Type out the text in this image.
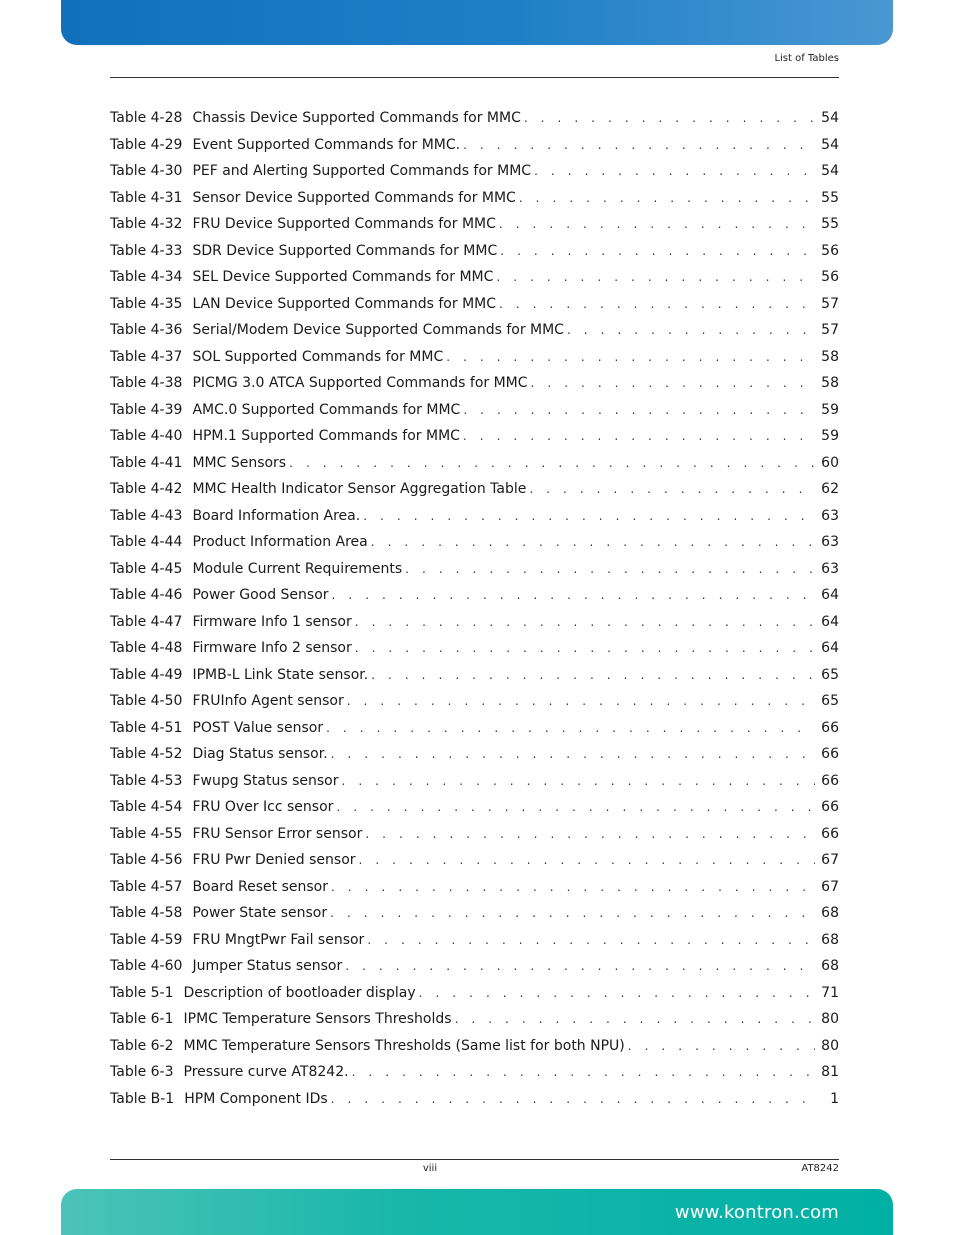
List of Tables
Table 4-28 Chassis Device Supported Commands for MMC . . .	54
Table 4-29 Event Supported Commands for MMC. . . .	54
Table 4-30 PEF and Alerting Supported Commands for MMC . . .	54
Table 4-31 Sensor Device Supported Commands for MMC . . .	55
Table 4-32 FRU Device Supported Commands for MMC . . .	55
Table 4-33 SDR Device Supported Commands for MMC . . .	56
Table 4-34 SEL Device Supported Commands for MMC . . .	56
Table 4-35 LAN Device Supported Commands for MMC . . .	57
Table 4-36 Serial/Modem Device Supported Commands for MMC . . .	57
Table 4-37 SOL Supported Commands for MMC . . .	58
Table 4-38 PICMG 3.0 ATCA Supported Commands for MMC . . .	58
Table 4-39 AMC.0 Supported Commands for MMC . . .	59
Table 4-40 HPM.1 Supported Commands for MMC . . .	59
Table 4-41 MMC Sensors . . .	60
Table 4-42 MMC Health Indicator Sensor Aggregation Table . . .	62
Table 4-43 Board Information Area. . . .	63
Table 4-44 Product Information Area . . .	63
Table 4-45 Module Current Requirements . . .	63
Table 4-46 Power Good Sensor . . .	64
Table 4-47 Firmware Info 1 sensor . . .	64
Table 4-48 Firmware Info 2 sensor . . .	64
Table 4-49 IPMB-L Link State sensor. . . .	65
Table 4-50 FRUInfo Agent sensor . . .	65
Table 4-51 POST Value sensor . . .	66
Table 4-52 Diag Status sensor. . . .	66
Table 4-53 Fwupg Status sensor . . .	66
Table 4-54 FRU Over Icc sensor . . .	66
Table 4-55 FRU Sensor Error sensor . . .	66
Table 4-56 FRU Pwr Denied sensor . . .	67
Table 4-57 Board Reset sensor . . .	67
Table 4-58 Power State sensor . . .	68
Table 4-59 FRU MngtPwr Fail sensor . . .	68
Table 4-60 Jumper Status sensor . . .	68
Table 5-1 Description of bootloader display . . .	71
Table 6-1 IPMC Temperature Sensors Thresholds . . .	80
Table 6-2 MMC Temperature Sensors Thresholds (Same list for both NPU) . . .	80
Table 6-3 Pressure curve AT8242. . . .	81
Table B-1 HPM Component IDs . . .	1
viii	AT8242
www.kontron.com
